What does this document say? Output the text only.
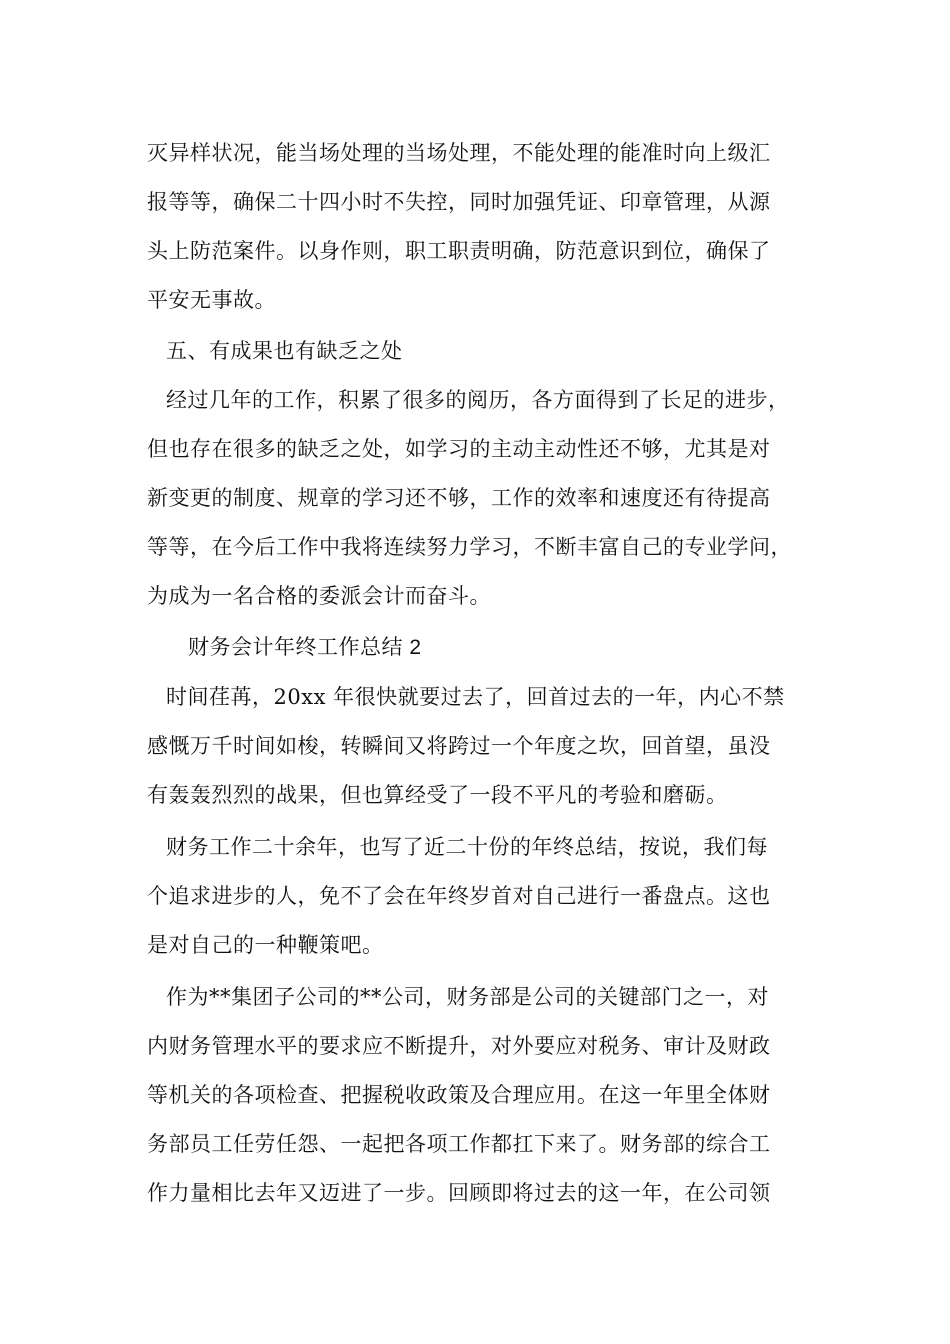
灭异样状况，能当场处理的当场处理，不能处理的能准时向上级汇
报等等，确保二十四小时不失控，同时加强凭证、印章管理，从源
头上防范案件。以身作则，职工职责明确，防范意识到位，确保了
平安无事故。
五、有成果也有缺乏之处
经过几年的工作，积累了很多的阅历，各方面得到了长足的进步，
但也存在很多的缺乏之处，如学习的主动主动性还不够，尤其是对
新变更的制度、规章的学习还不够，工作的效率和速度还有待提高
等等，在今后工作中我将连续努力学习，不断丰富自己的专业学问，
为成为一名合格的委派会计而奋斗。
财务会计年终工作总结 2
时间荏苒，20xx 年很快就要过去了，回首过去的一年，内心不禁
感慨万千时间如梭，转瞬间又将跨过一个年度之坎，回首望，虽没
有轰轰烈烈的战果，但也算经受了一段不平凡的考验和磨砺。
财务工作二十余年，也写了近二十份的年终总结，按说，我们每
个追求进步的人，免不了会在年终岁首对自己进行一番盘点。这也
是对自己的一种鞭策吧。
作为**集团子公司的**公司，财务部是公司的关键部门之一，对
内财务管理水平的要求应不断提升，对外要应对税务、审计及财政
等机关的各项检查、把握税收政策及合理应用。在这一年里全体财
务部员工任劳任怨、一起把各项工作都扛下来了。财务部的综合工
作力量相比去年又迈进了一步。回顾即将过去的这一年，在公司领
